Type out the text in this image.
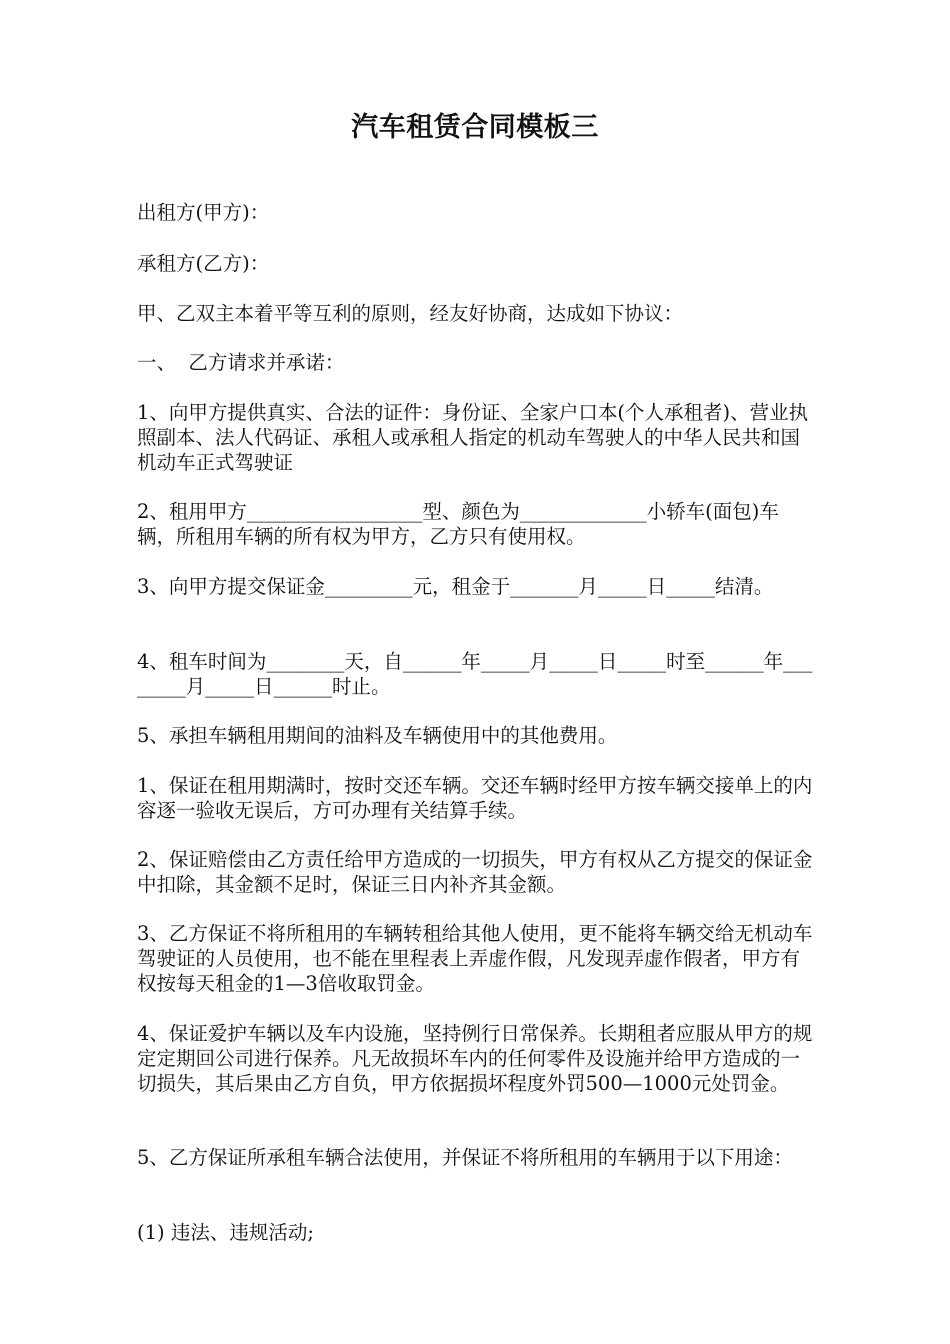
汽车租赁合同模板三

出租方(甲方)：

承租方(乙方)：

甲、乙双主本着平等互利的原则，经友好协商，达成如下协议：

一、  乙方请求并承诺：

1、向甲方提供真实、合法的证件：身份证、全家户口本(个人承租者)、营业执照副本、法人代码证、承租人或承租人指定的机动车驾驶人的中华人民共和国机动车正式驾驶证

2、租用甲方__________________型、颜色为_____________小轿车(面包)车辆，所租用车辆的所有权为甲方，乙方只有使用权。

3、向甲方提交保证金_________元，租金于_______月_____日_____结清。

4、租车时间为________天，自______年_____月_____日_____时至______年________月_____日______时止。

5、承担车辆租用期间的油料及车辆使用中的其他费用。

1、保证在租用期满时，按时交还车辆。交还车辆时经甲方按车辆交接单上的内容逐一验收无误后，方可办理有关结算手续。

2、保证赔偿由乙方责任给甲方造成的一切损失，甲方有权从乙方提交的保证金中扣除，其金额不足时，保证三日内补齐其金额。

3、乙方保证不将所租用的车辆转租给其他人使用，更不能将车辆交给无机动车驾驶证的人员使用，也不能在里程表上弄虚作假，凡发现弄虚作假者，甲方有权按每天租金的1—3倍收取罚金。

4、保证爱护车辆以及车内设施，坚持例行日常保养。长期租者应服从甲方的规定定期回公司进行保养。凡无故损坏车内的任何零件及设施并给甲方造成的一切损失，其后果由乙方自负，甲方依据损坏程度外罚500—1000元处罚金。

5、乙方保证所承租车辆合法使用，并保证不将所租用的车辆用于以下用途：

(1) 违法、违规活动;
